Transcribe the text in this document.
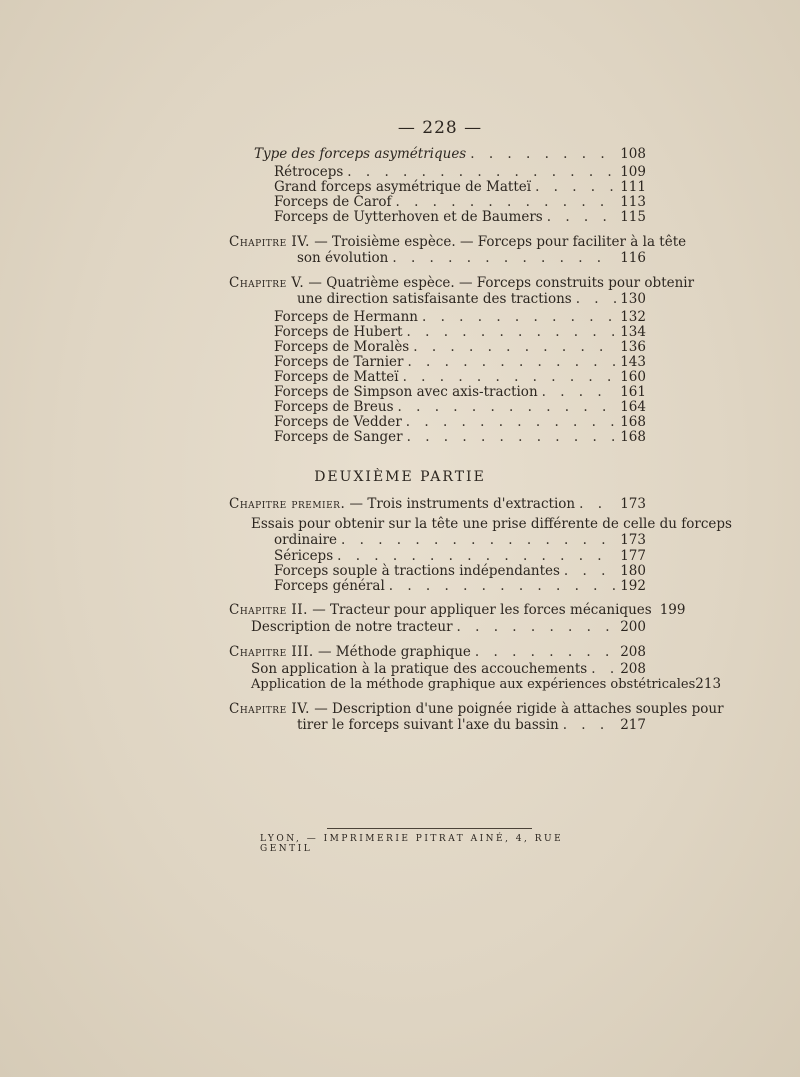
— 228 —
Type des forceps asymétriques . . .	108
Rétroceps . . .	109
Grand forceps asymétrique de Matteï . . .	111
Forceps de Carof . . .	113
Forceps de Uytterhoven et de Baumers . . .	115
Chapitre IV. — Troisième espèce. — Forceps pour faciliter à la tête
son évolution . . .	116
Chapitre V. — Quatrième espèce. — Forceps construits pour obtenir
une direction satisfaisante des tractions . . .	130
Forceps de Hermann . . .	132
Forceps de Hubert . . .	134
Forceps de Moralès . . .	136
Forceps de Tarnier . . .	143
Forceps de Matteï . . .	160
Forceps de Simpson avec axis-traction . . .	161
Forceps de Breus . . .	164
Forceps de Vedder . . .	168
Forceps de Sanger . . .	168
DEUXIÈME PARTIE
Chapitre premier. — Trois instruments d'extraction . . .	173
Essais pour obtenir sur la tête une prise différente de celle du forceps
ordinaire . . .	173
Sériceps . . .	177
Forceps souple à tractions indépendantes . . .	180
Forceps général . . .	192
Chapitre II. — Tracteur pour appliquer les forces mécaniques 199
Description de notre tracteur . . .	200
Chapitre III. — Méthode graphique . . .	208
Son application à la pratique des accouchements . . . 208
Application de la méthode graphique aux expériences obstétricales 213
Chapitre IV. — Description d'une poignée rigide à attaches souples pour
tirer le forceps suivant l'axe du bassin . . .	217
LYON, — IMPRIMERIE PITRAT AINÉ, 4, RUE GENTIL
